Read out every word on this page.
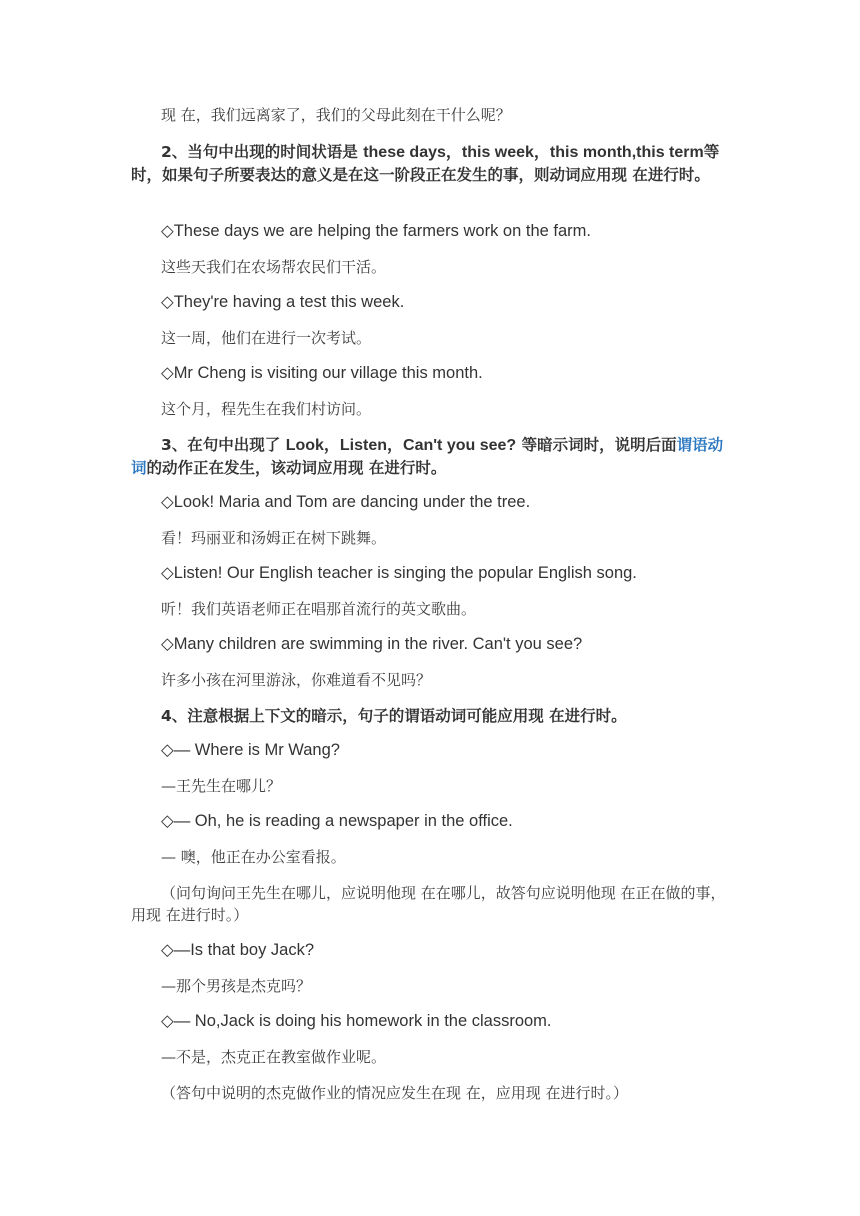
现 在，我们远离家了，我们的父母此刻在干什么呢？
2、当句中出现的时间状语是 these days，this week，this month,this term等时，如果句子所要表达的意义是在这一阶段正在发生的事，则动词应用现 在进行时。
◇These days we are helping the farmers work on the farm.
这些天我们在农场帮农民们干活。
◇They're having a test this week.
这一周，他们在进行一次考试。
◇Mr Cheng is visiting our village this month.
这个月，程先生在我们村访问。
3、在句中出现了 Look，Listen，Can't you see? 等暗示词时，说明后面谓语动词的动作正在发生，该动词应用现 在进行时。
◇Look! Maria and Tom are dancing under the tree.
看！玛丽亚和汤姆正在树下跳舞。
◇Listen! Our English teacher is singing the popular English song.
听！我们英语老师正在唱那首流行的英文歌曲。
◇Many children are swimming in the river. Can't you see?
许多小孩在河里游泳，你难道看不见吗？
4、注意根据上下文的暗示，句子的谓语动词可能应用现 在进行时。
◇— Where is Mr Wang?
—王先生在哪儿？
◇— Oh, he is reading a newspaper in the office.
— 噢，他正在办公室看报。
（问句询问王先生在哪儿，应说明他现 在在哪儿，故答句应说明他现 在正在做的事，用现 在进行时。）
◇—Is that boy Jack?
—那个男孩是杰克吗？
◇— No,Jack is doing his homework in the classroom.
—不是，杰克正在教室做作业呢。
（答句中说明的杰克做作业的情况应发生在现 在，应用现 在进行时。）
